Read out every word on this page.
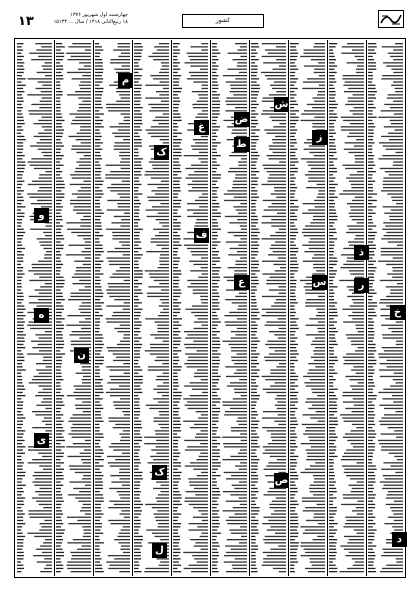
۱۳	چهارشنبه اول شهریور ۱۳۷۶
۱۸ ربیع‌الثانی ۱۴۱۸ / سال ... ۱۵۱۳۴	کشور
م
ک
غ
ف
ک
ل
ض
ط
ع
ش
ز
س
ص
ذ
ر
خ
د
و
ه
ن
ی
